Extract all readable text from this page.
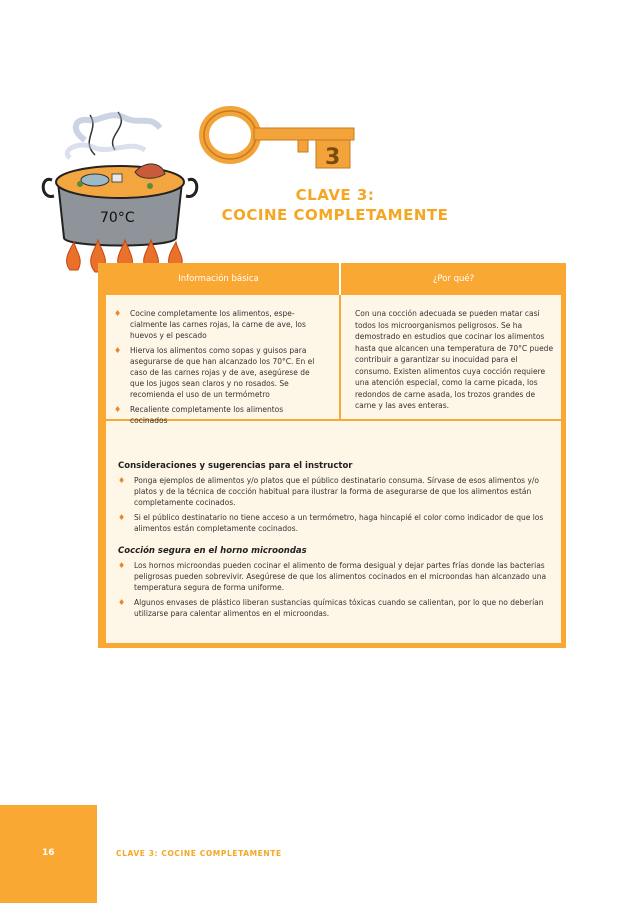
70°C
3
CLAVE 3:
COCINE COMPLETAMENTE
Información básica	¿Por qué?
♦ Cocine completamente los alimentos, espe-cialmente las carnes rojas, la carne de ave, los huevos y el pescado
♦ Hierva los alimentos como sopas y guisos para asegurarse de que han alcanzado los 70°C. En el caso de las carnes rojas y de ave, asegúrese de que los jugos sean claros y no rosados. Se recomienda el uso de un termómetro
♦ Recaliente completamente los alimentos cocinados
Con una cocción adecuada se pueden matar casi todos los microorganismos peligrosos. Se ha demostrado en estudios que cocinar los alimentos hasta que alcancen una temperatura de 70°C puede contribuir a garantizar su inocuidad para el consumo. Existen alimentos cuya cocción requiere una atención especial, como la carne picada, los redondos de carne asada, los trozos grandes de carne y las aves enteras.
Consideraciones y sugerencias para el instructor
♦ Ponga ejemplos de alimentos y/o platos que el público destinatario consuma. Sírvase de esos alimentos y/o platos y de la técnica de cocción habitual para ilustrar la forma de asegurarse de que los alimentos están completamente cocinados.
♦ Si el público destinatario no tiene acceso a un termómetro, haga hincapié el color como indicador de que los alimentos están completamente cocinados.
Cocción segura en el horno microondas
♦ Los hornos microondas pueden cocinar el alimento de forma desigual y dejar partes frías donde las bacterias peligrosas pueden sobrevivir. Asegúrese de que los alimentos cocinados en el microondas han alcanzado una temperatura segura de forma uniforme.
♦ Algunos envases de plástico liberan sustancias químicas tóxicas cuando se calientan, por lo que no deberían utilizarse para calentar alimentos en el microondas.
16	CLAVE 3: COCINE COMPLETAMENTE
